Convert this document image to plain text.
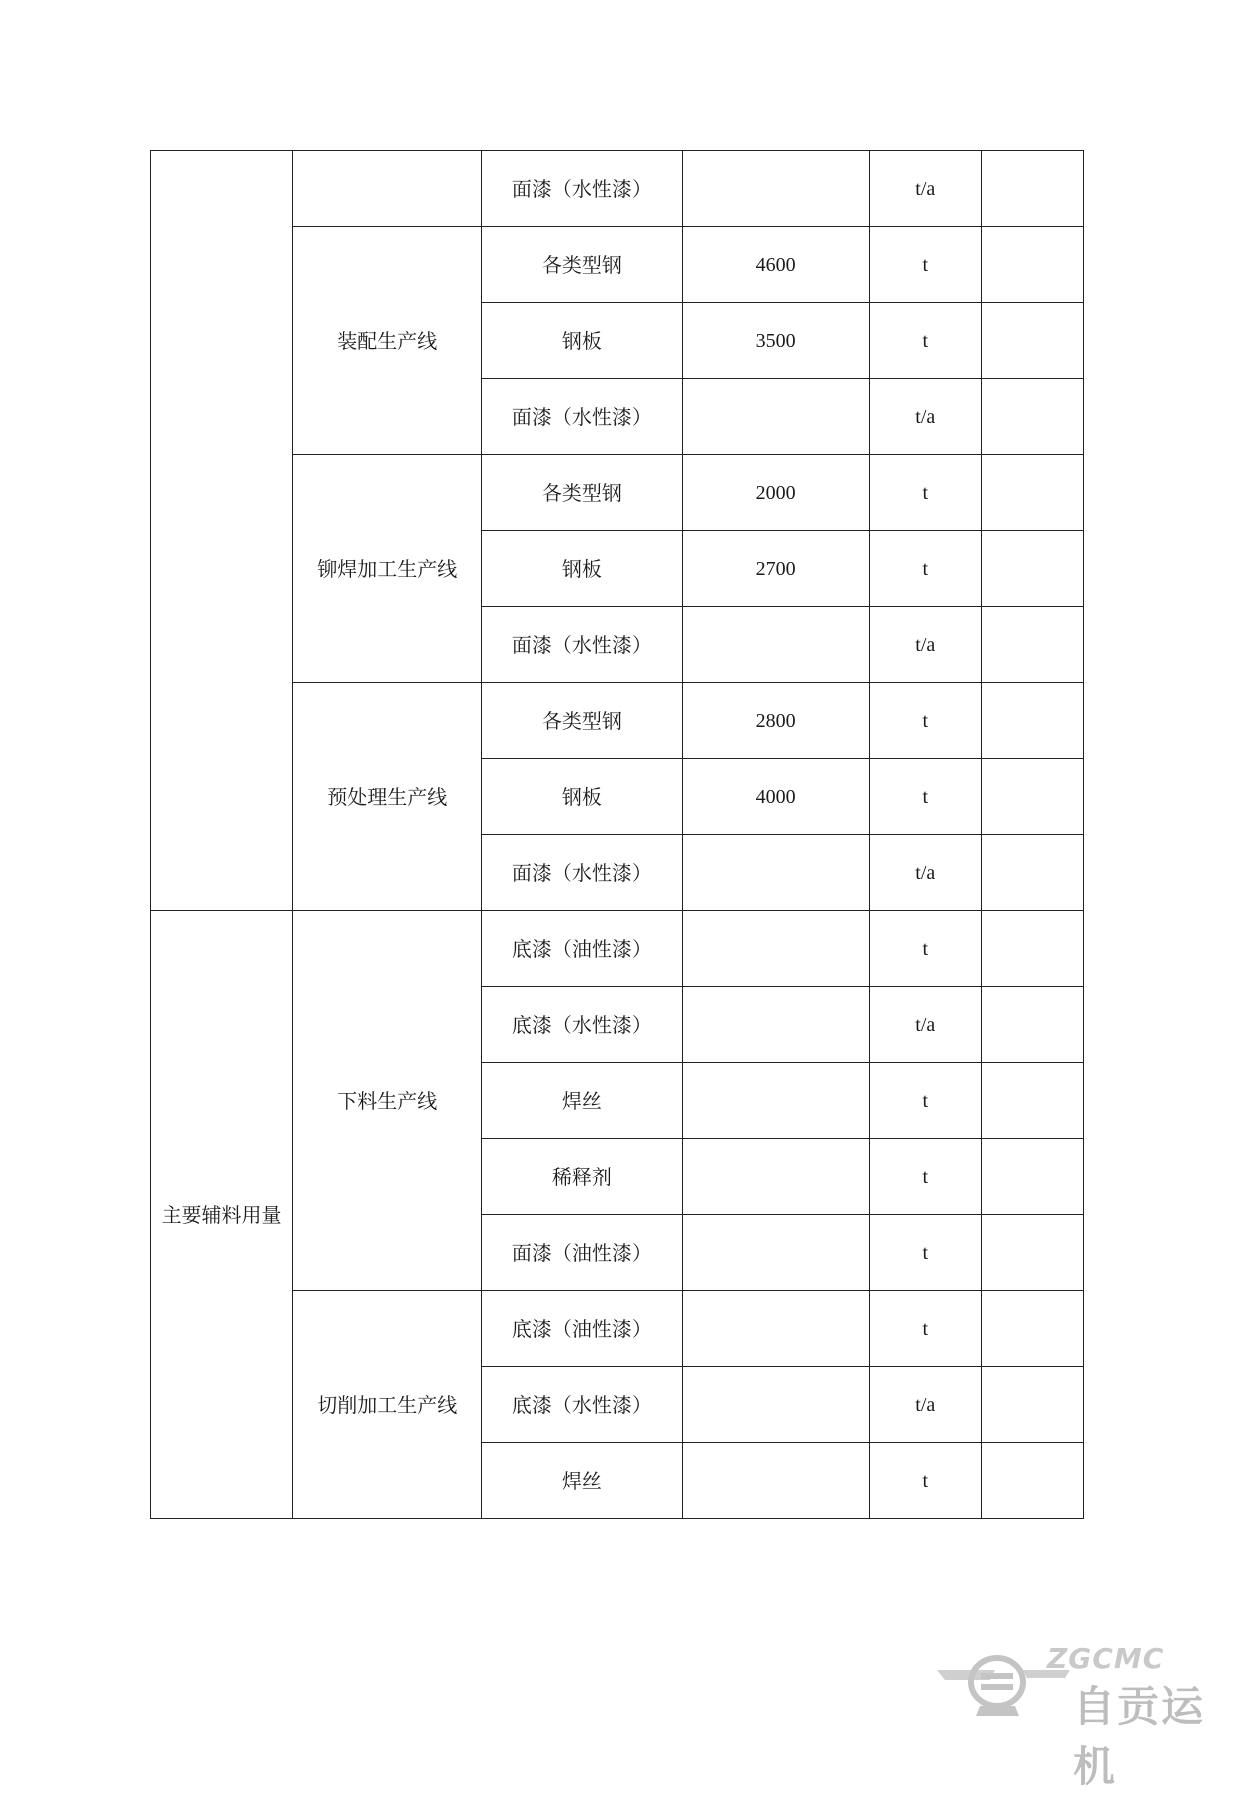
		面漆（水性漆）		t/a	
	装配生产线	各类型钢	4600	t	
		钢板	3500	t	
		面漆（水性漆）		t/a	
	铆焊加工生产线	各类型钢	2000	t	
		钢板	2700	t	
		面漆（水性漆）		t/a	
	预处理生产线	各类型钢	2800	t	
		钢板	4000	t	
		面漆（水性漆）		t/a	
主要辅料用量	下料生产线	底漆（油性漆）		t	
		底漆（水性漆）		t/a	
		焊丝		t	
		稀释剂		t	
		面漆（油性漆）		t	
	切削加工生产线	底漆（油性漆）		t	
		底漆（水性漆）		t/a	
		焊丝		t	
ZGCMC
自贡运机
